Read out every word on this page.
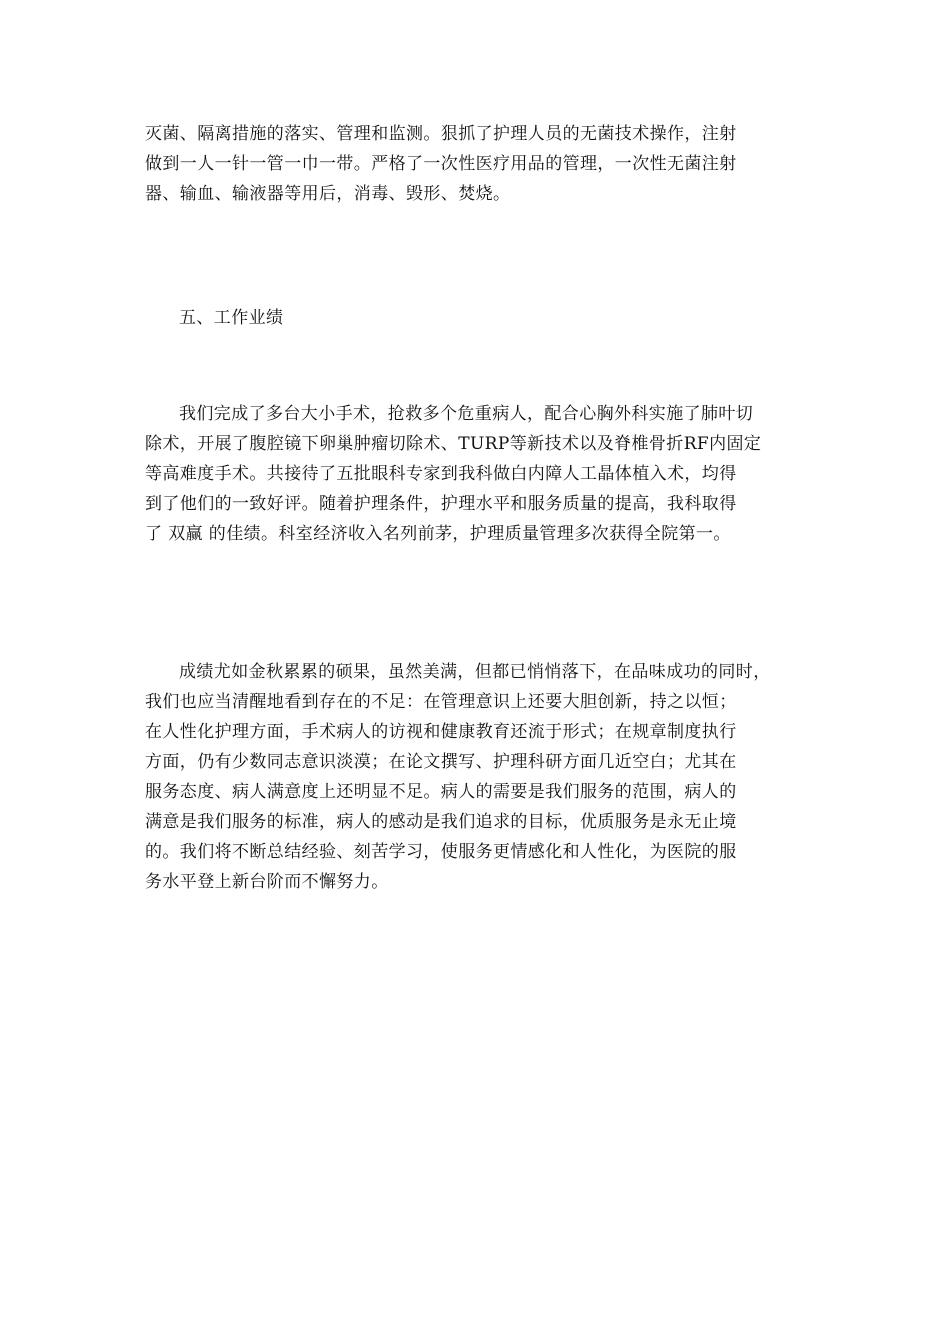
灭菌、隔离措施的落实、管理和监测。狠抓了护理人员的无菌技术操作，注射
做到一人一针一管一巾一带。严格了一次性医疗用品的管理，一次性无菌注射
器、输血、输液器等用后，消毒、毁形、焚烧。
五、工作业绩
我们完成了多台大小手术，抢救多个危重病人，配合心胸外科实施了肺叶切
除术，开展了腹腔镜下卵巢肿瘤切除术、TURP等新技术以及脊椎骨折RF内固定
等高难度手术。共接待了五批眼科专家到我科做白内障人工晶体植入术，均得
到了他们的一致好评。随着护理条件，护理水平和服务质量的提高，我科取得
了 双赢 的佳绩。科室经济收入名列前茅，护理质量管理多次获得全院第一。
成绩尤如金秋累累的硕果，虽然美满，但都已悄悄落下，在品味成功的同时，
我们也应当清醒地看到存在的不足：在管理意识上还要大胆创新，持之以恒；
在人性化护理方面，手术病人的访视和健康教育还流于形式；在规章制度执行
方面，仍有少数同志意识淡漠；在论文撰写、护理科研方面几近空白；尤其在
服务态度、病人满意度上还明显不足。病人的需要是我们服务的范围，病人的
满意是我们服务的标准，病人的感动是我们追求的目标，优质服务是永无止境
的。我们将不断总结经验、刻苦学习，使服务更情感化和人性化，为医院的服
务水平登上新台阶而不懈努力。
